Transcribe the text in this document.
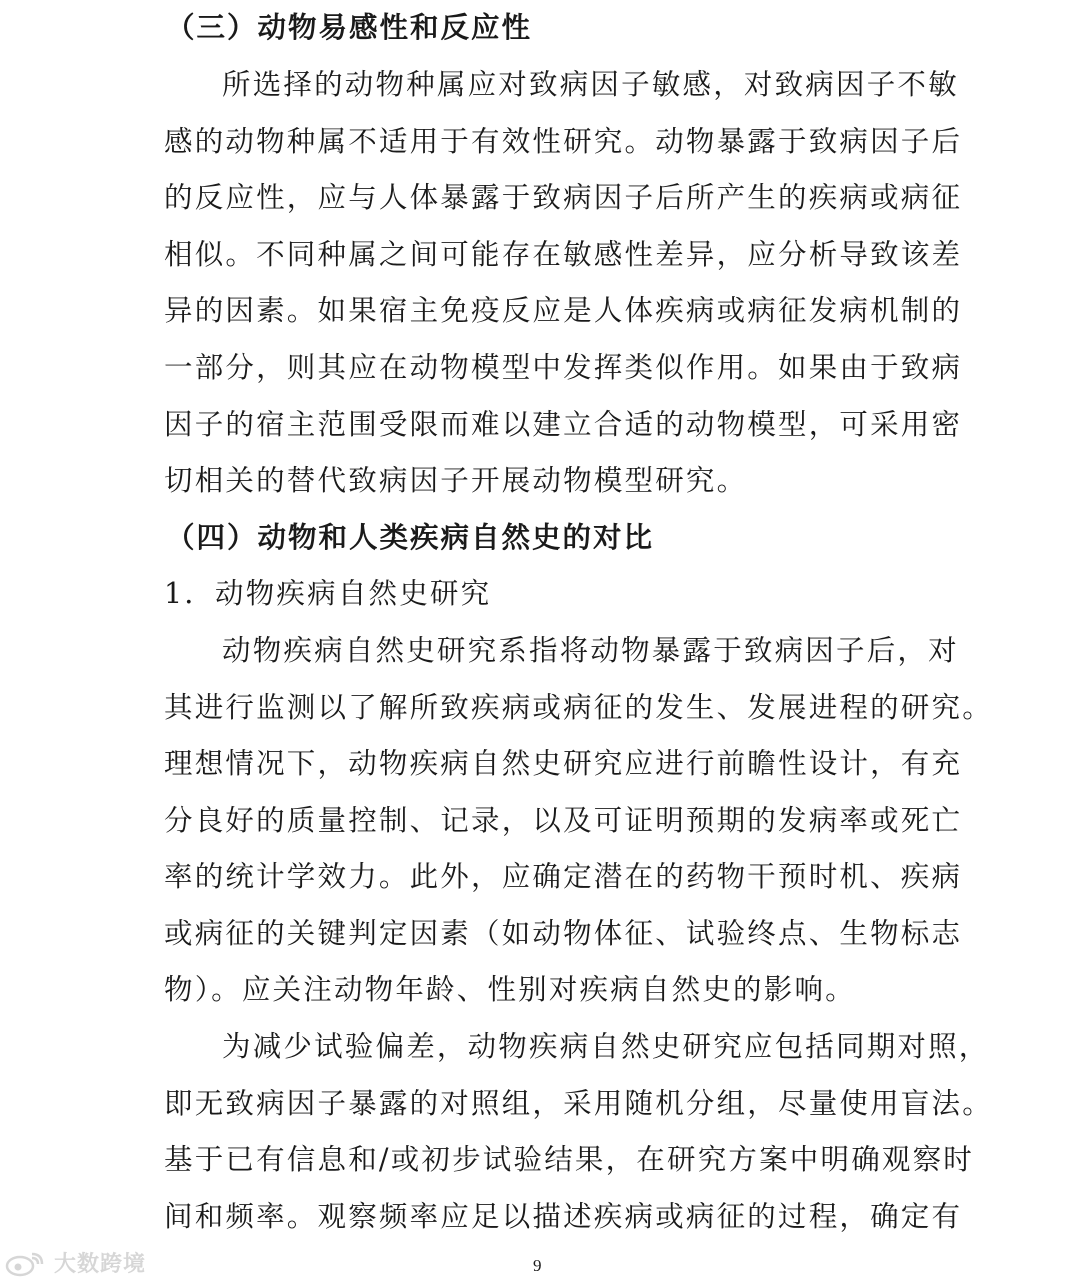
（三）动物易感性和反应性
所选择的动物种属应对致病因子敏感，对致病因子不敏
感的动物种属不适用于有效性研究。动物暴露于致病因子后
的反应性，应与人体暴露于致病因子后所产生的疾病或病征
相似。不同种属之间可能存在敏感性差异，应分析导致该差
异的因素。如果宿主免疫反应是人体疾病或病征发病机制的
一部分，则其应在动物模型中发挥类似作用。如果由于致病
因子的宿主范围受限而难以建立合适的动物模型，可采用密
切相关的替代致病因子开展动物模型研究。
（四）动物和人类疾病自然史的对比
1．动物疾病自然史研究
动物疾病自然史研究系指将动物暴露于致病因子后，对
其进行监测以了解所致疾病或病征的发生、发展进程的研究。
理想情况下，动物疾病自然史研究应进行前瞻性设计，有充
分良好的质量控制、记录，以及可证明预期的发病率或死亡
率的统计学效力。此外，应确定潜在的药物干预时机、疾病
或病征的关键判定因素（如动物体征、试验终点、生物标志
物）。应关注动物年龄、性别对疾病自然史的影响。
为减少试验偏差，动物疾病自然史研究应包括同期对照，
即无致病因子暴露的对照组，采用随机分组，尽量使用盲法。
基于已有信息和/或初步试验结果，在研究方案中明确观察时
间和频率。观察频率应足以描述疾病或病征的过程，确定有
大数跨境	9
